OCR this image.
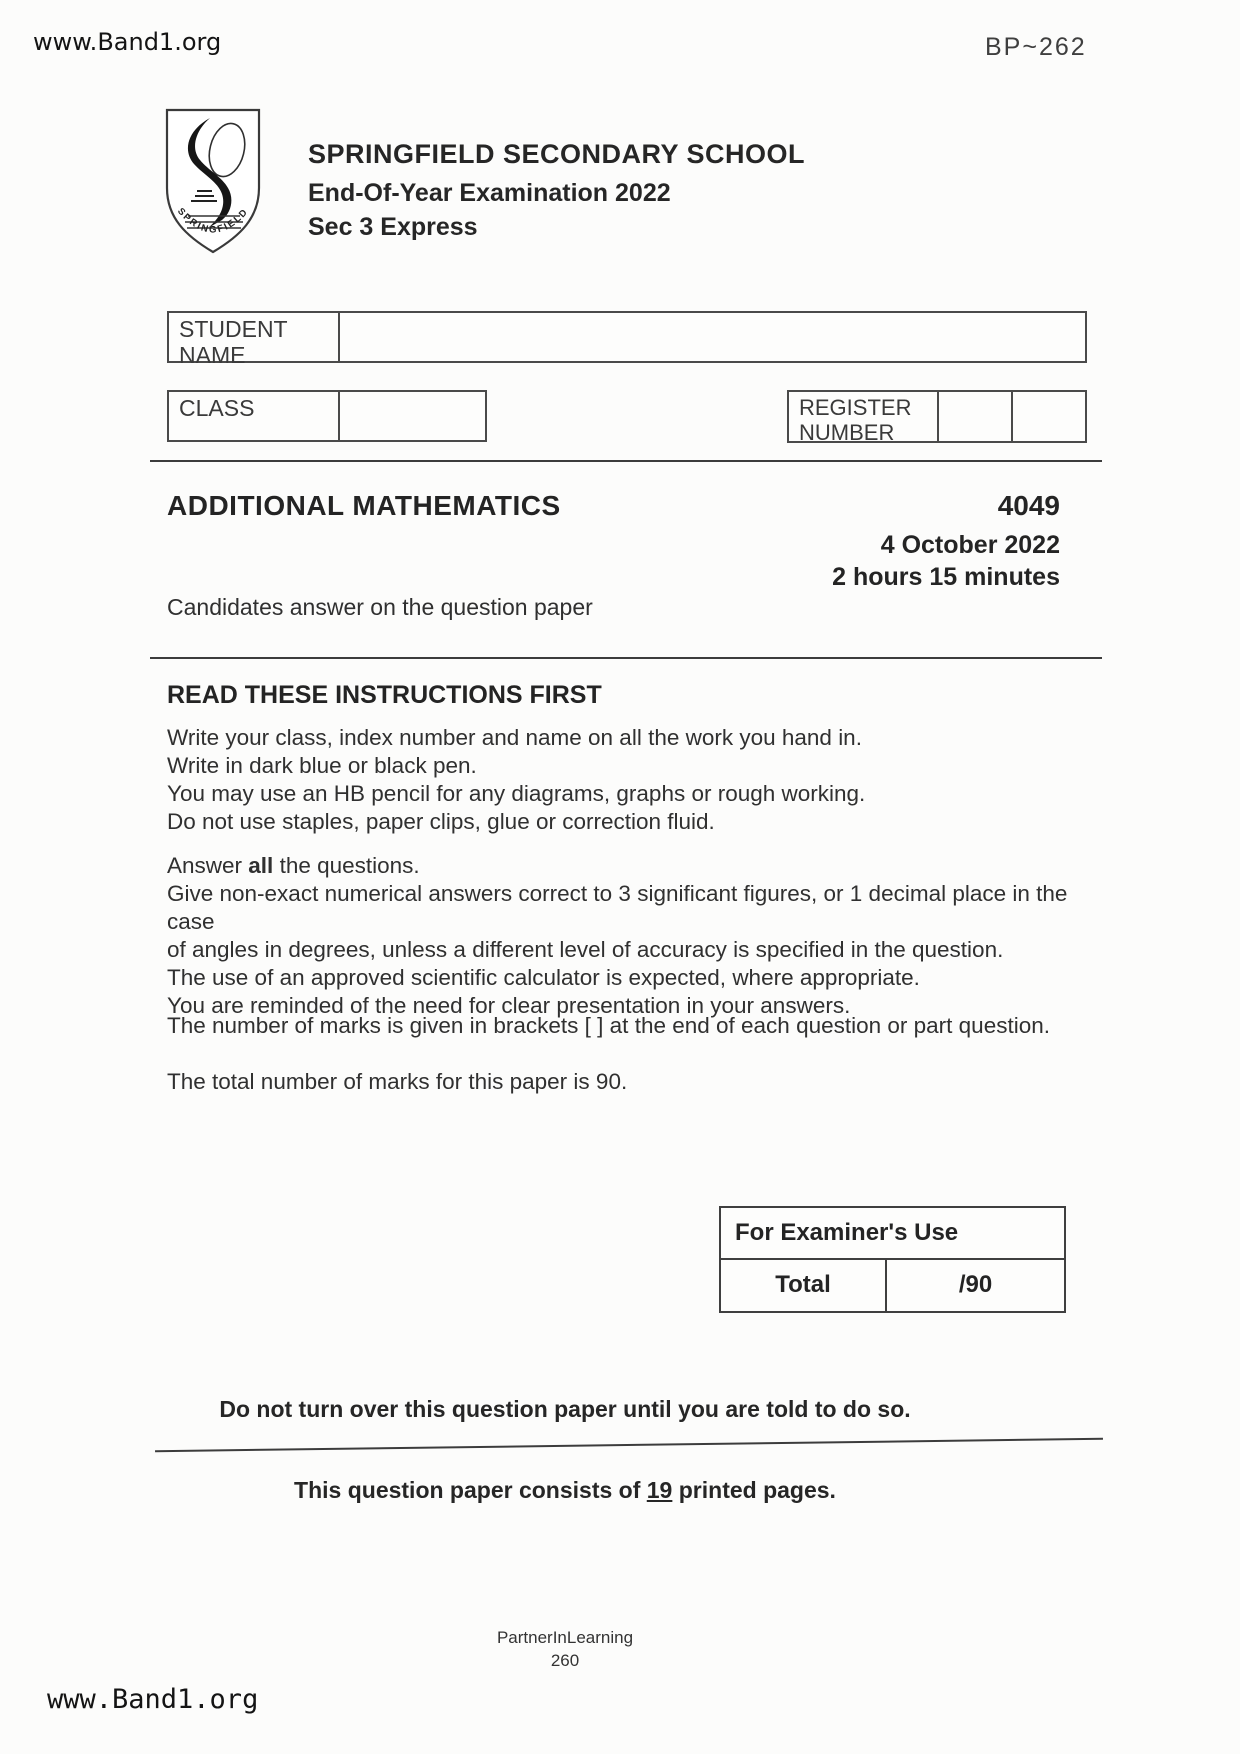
www.Band1.org	BP~262
SPRINGFIELD
SPRINGFIELD SECONDARY SCHOOL
End-Of-Year Examination 2022
Sec 3 Express
STUDENT NAME
CLASS	REGISTER NUMBER
ADDITIONAL MATHEMATICS	4049
4 October 2022
2 hours 15 minutes
Candidates answer on the question paper
READ THESE INSTRUCTIONS FIRST
Write your class, index number and name on all the work you hand in.
Write in dark blue or black pen.
You may use an HB pencil for any diagrams, graphs or rough working.
Do not use staples, paper clips, glue or correction fluid.
Answer all the questions.
Give non-exact numerical answers correct to 3 significant figures, or 1 decimal place in the case
of angles in degrees, unless a different level of accuracy is specified in the question.
The use of an approved scientific calculator is expected, where appropriate.
You are reminded of the need for clear presentation in your answers.
The number of marks is given in brackets [ ] at the end of each question or part question.
The total number of marks for this paper is 90.
For Examiner's Use
Total	/90
Do not turn over this question paper until you are told to do so.
This question paper consists of 19 printed pages.
PartnerInLearning
260
www.Band1.org
